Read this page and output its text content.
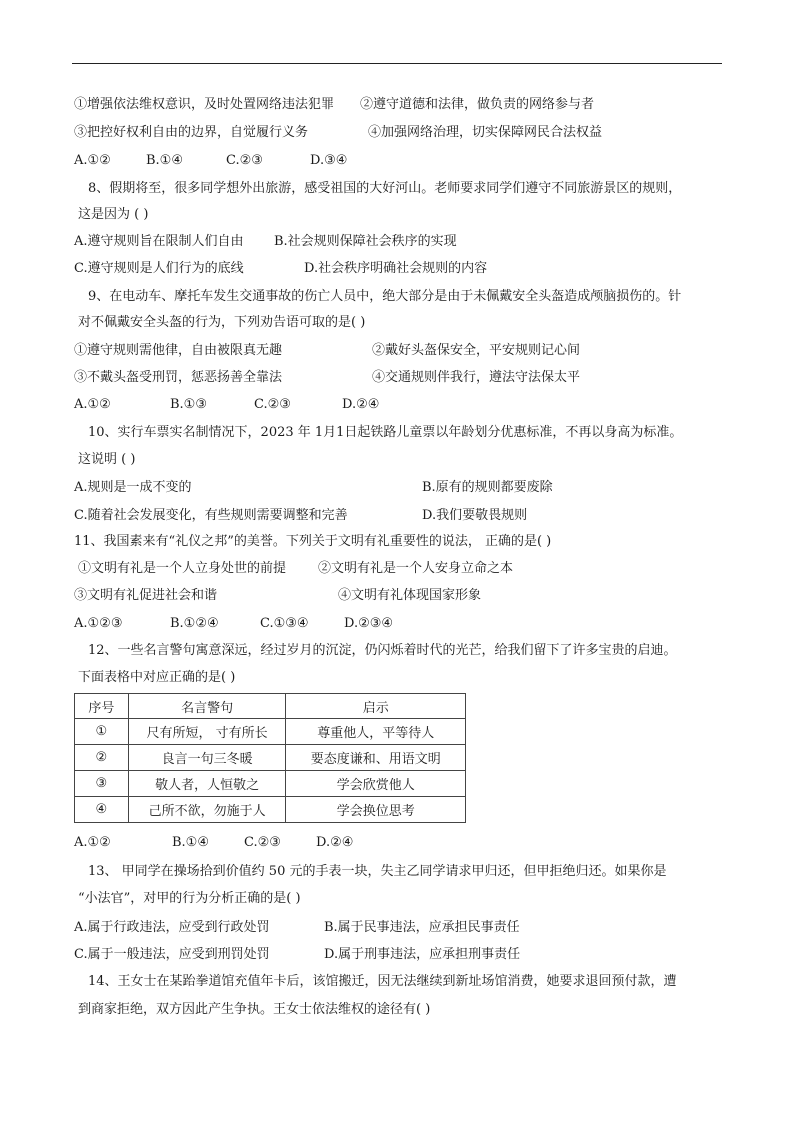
①增强依法维权意识，及时处置网络违法犯罪 ②遵守道德和法律，做负责的网络参与者
③把控好权利自由的边界，自觉履行义务	④加强网络治理，切实保障网民合法权益
A.①②	B.①④	C.②③	D.③④
8、假期将至，很多同学想外出旅游，感受祖国的大好河山。老师要求同学们遵守不同旅游景区的规则，
这是因为 ( )
A.遵守规则旨在限制人们自由 B.社会规则保障社会秩序的实现
C.遵守规则是人们行为的底线	D.社会秩序明确社会规则的内容
9、在电动车、摩托车发生交通事故的伤亡人员中，绝大部分是由于未佩戴安全头盔造成颅脑损伤的。针
对不佩戴安全头盔的行为，下列劝告语可取的是( )
①遵守规则需他律，自由被限真无趣	②戴好头盔保安全，平安规则记心间
③不戴头盔受刑罚，惩恶扬善全靠法	④交通规则伴我行，遵法守法保太平
A.①②	B.①③	C.②③	D.②④
10、实行车票实名制情况下，2023 年 1月1日起铁路儿童票以年龄划分优惠标准，不再以身高为标准。
这说明 ( )
A.规则是一成不变的	B.原有的规则都要废除
C.随着社会发展变化，有些规则需要调整和完善	D.我们要敬畏规则
11、我国素来有“礼仪之邦”的美誉。下列关于文明有礼重要性的说法， 正确的是( )
①文明有礼是一个人立身处世的前提 ②文明有礼是一个人安身立命之本
③文明有礼促进社会和谐	④文明有礼体现国家形象
A.①②③	B.①②④	C.①③④	D.②③④
12、一些名言警句寓意深远，经过岁月的沉淀，仍闪烁着时代的光芒，给我们留下了许多宝贵的启迪。
下面表格中对应正确的是( )
序号	名言警句	启示
①	尺有所短， 寸有所长	尊重他人，平等待人
②	良言一句三冬暖	要态度谦和、用语文明
③	敬人者，人恒敬之	学会欣赏他人
④	己所不欲，勿施于人	学会换位思考
A.①②	B.①④	C.②③	D.②④
13、 甲同学在操场拾到价值约 50 元的手表一块，失主乙同学请求甲归还，但甲拒绝归还。如果你是
“小法官”，对甲的行为分析正确的是( )
A.属于行政违法，应受到行政处罚	B.属于民事违法，应承担民事责任
C.属于一般违法，应受到刑罚处罚	D.属于刑事违法，应承担刑事责任
14、王女士在某跆拳道馆充值年卡后，该馆搬迁，因无法继续到新址场馆消费，她要求退回预付款，遭
到商家拒绝，双方因此产生争执。王女士依法维权的途径有( )
